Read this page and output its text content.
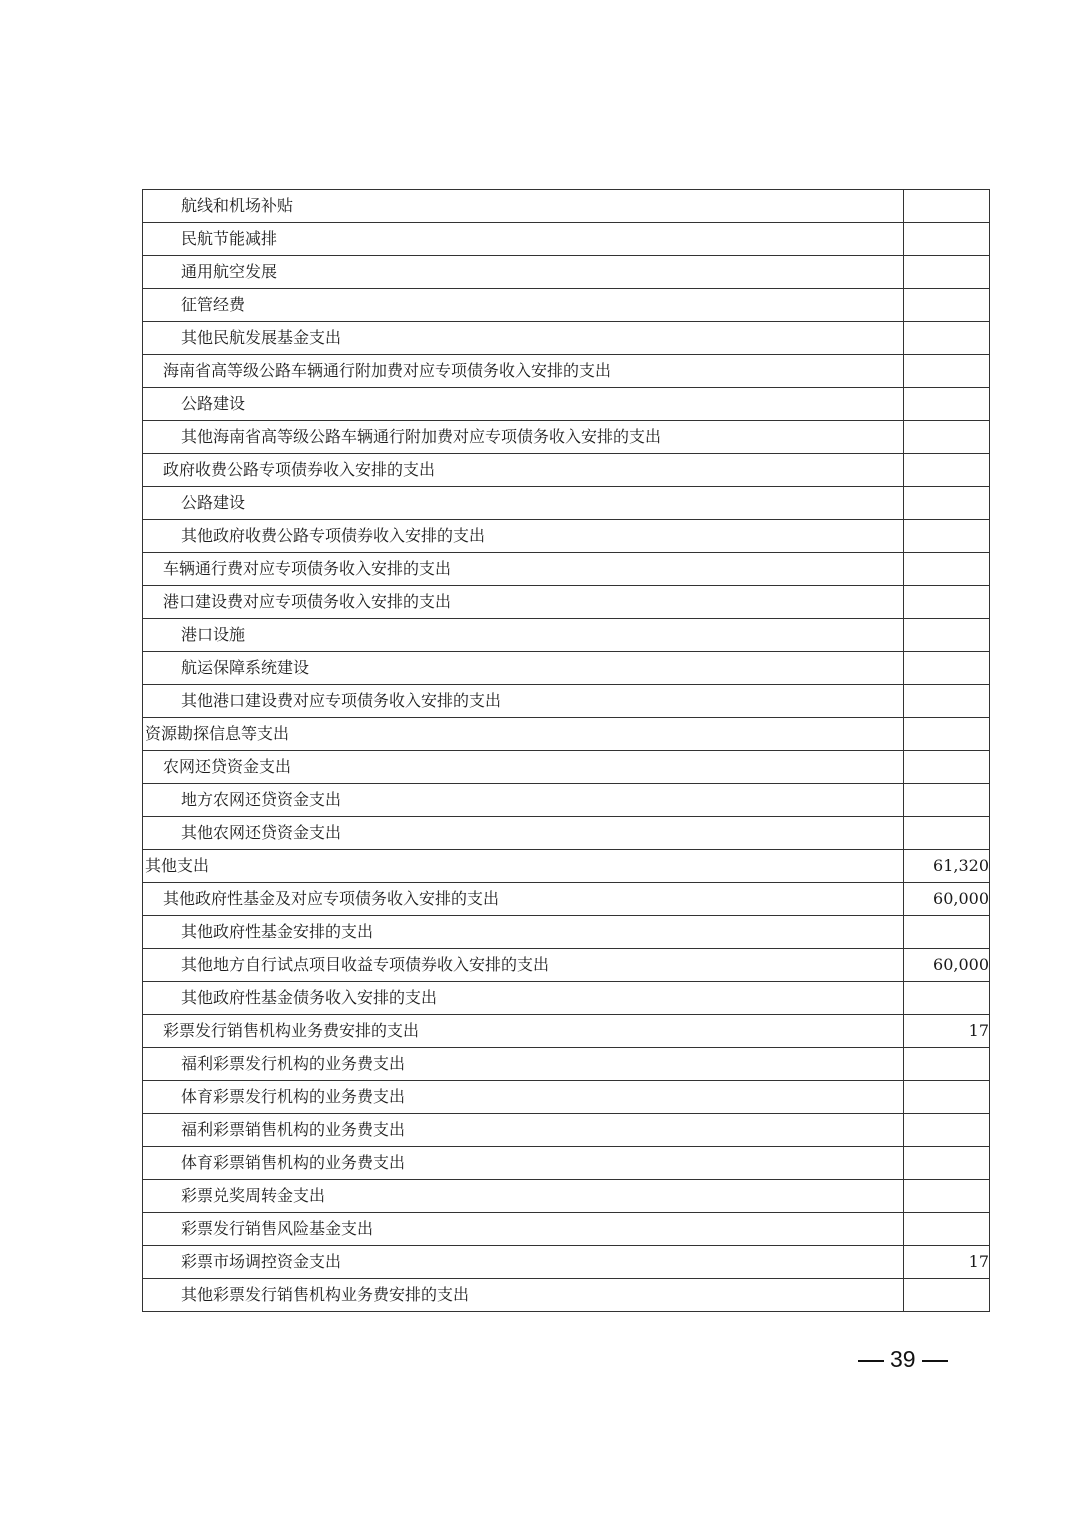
航线和机场补贴	
民航节能减排	
通用航空发展	
征管经费	
其他民航发展基金支出	
海南省高等级公路车辆通行附加费对应专项债务收入安排的支出	
公路建设	
其他海南省高等级公路车辆通行附加费对应专项债务收入安排的支出	
政府收费公路专项债券收入安排的支出	
公路建设	
其他政府收费公路专项债券收入安排的支出	
车辆通行费对应专项债务收入安排的支出	
港口建设费对应专项债务收入安排的支出	
港口设施	
航运保障系统建设	
其他港口建设费对应专项债务收入安排的支出	
资源勘探信息等支出	
农网还贷资金支出	
地方农网还贷资金支出	
其他农网还贷资金支出	
其他支出	61,320
其他政府性基金及对应专项债务收入安排的支出	60,000
其他政府性基金安排的支出	
其他地方自行试点项目收益专项债券收入安排的支出	60,000
其他政府性基金债务收入安排的支出	
彩票发行销售机构业务费安排的支出	17
福利彩票发行机构的业务费支出	
体育彩票发行机构的业务费支出	
福利彩票销售机构的业务费支出	
体育彩票销售机构的业务费支出	
彩票兑奖周转金支出	
彩票发行销售风险基金支出	
彩票市场调控资金支出	17
其他彩票发行销售机构业务费安排的支出	
39
